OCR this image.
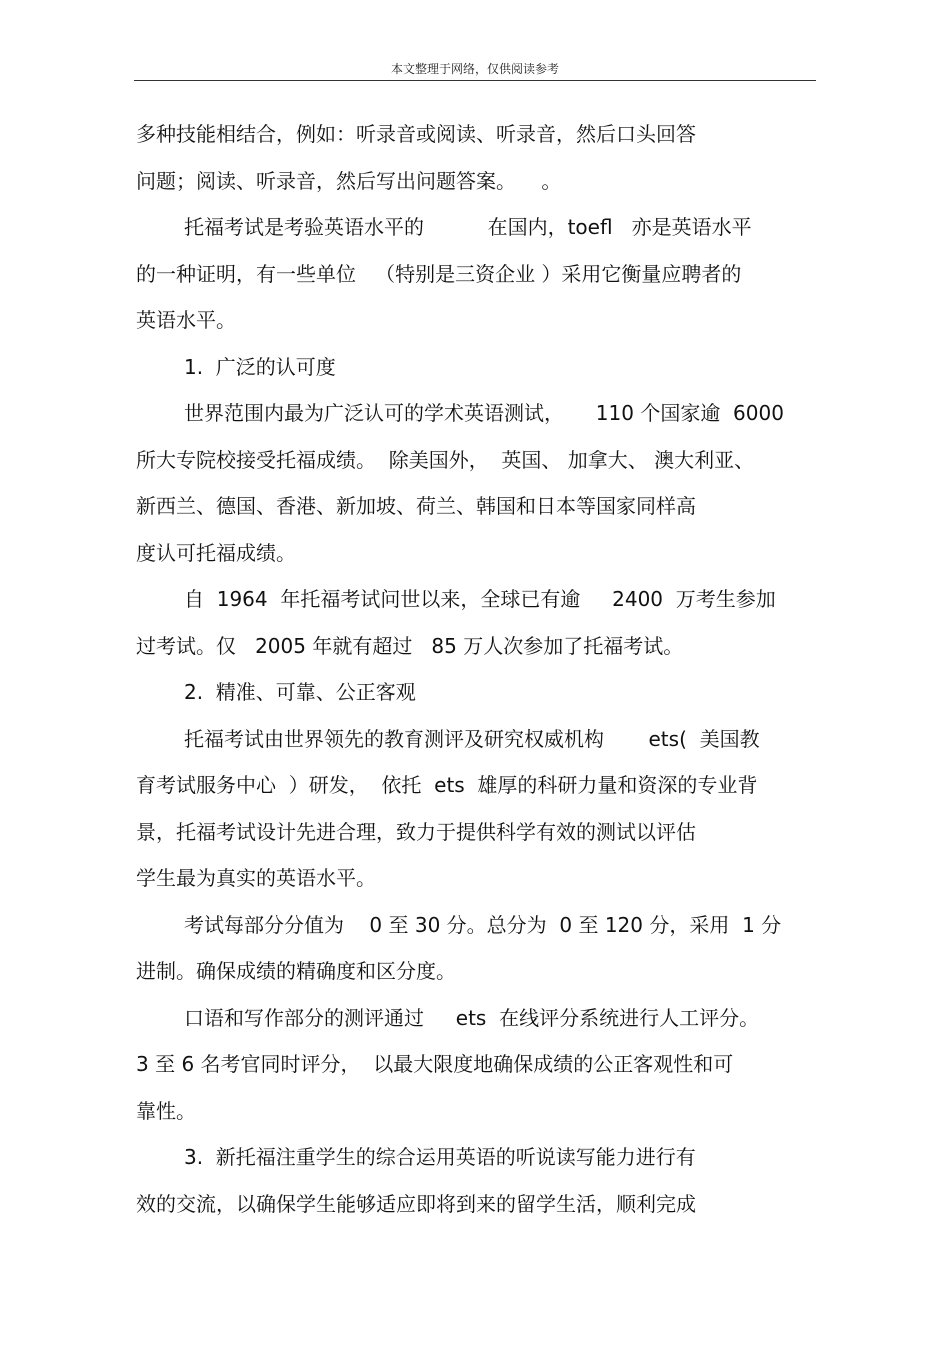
本文整理于网络，仅供阅读参考
多种技能相结合，例如：听录音或阅读、听录音，然后口头回答
问题；阅读、听录音，然后写出问题答案。    。
托福考试是考验英语水平的          在国内，toefl   亦是英语水平
的一种证明，有一些单位   （特别是三资企业 ）采用它衡量应聘者的
英语水平。
1.  广泛的认可度
世界范围内最为广泛认可的学术英语测试，     110 个国家逾  6000
所大专院校接受托福成绩。  除美国外，  英国、 加拿大、 澳大利亚、
新西兰、德国、香港、新加坡、荷兰、韩国和日本等国家同样高
度认可托福成绩。
自  1964  年托福考试问世以来，全球已有逾     2400  万考生参加
过考试。仅   2005 年就有超过   85 万人次参加了托福考试。
2.  精准、可靠、公正客观
托福考试由世界领先的教育测评及研究权威机构       ets(  美国教
育考试服务中心  ）研发，  依托  ets  雄厚的科研力量和资深的专业背
景，托福考试设计先进合理，致力于提供科学有效的测试以评估
学生最为真实的英语水平。
考试每部分分值为    0 至 30 分。总分为  0 至 120 分，采用  1 分
进制。确保成绩的精确度和区分度。
口语和写作部分的测评通过     ets  在线评分系统进行人工评分。
3 至 6 名考官同时评分，  以最大限度地确保成绩的公正客观性和可
靠性。
3.  新托福注重学生的综合运用英语的听说读写能力进行有
效的交流，以确保学生能够适应即将到来的留学生活，顺利完成
